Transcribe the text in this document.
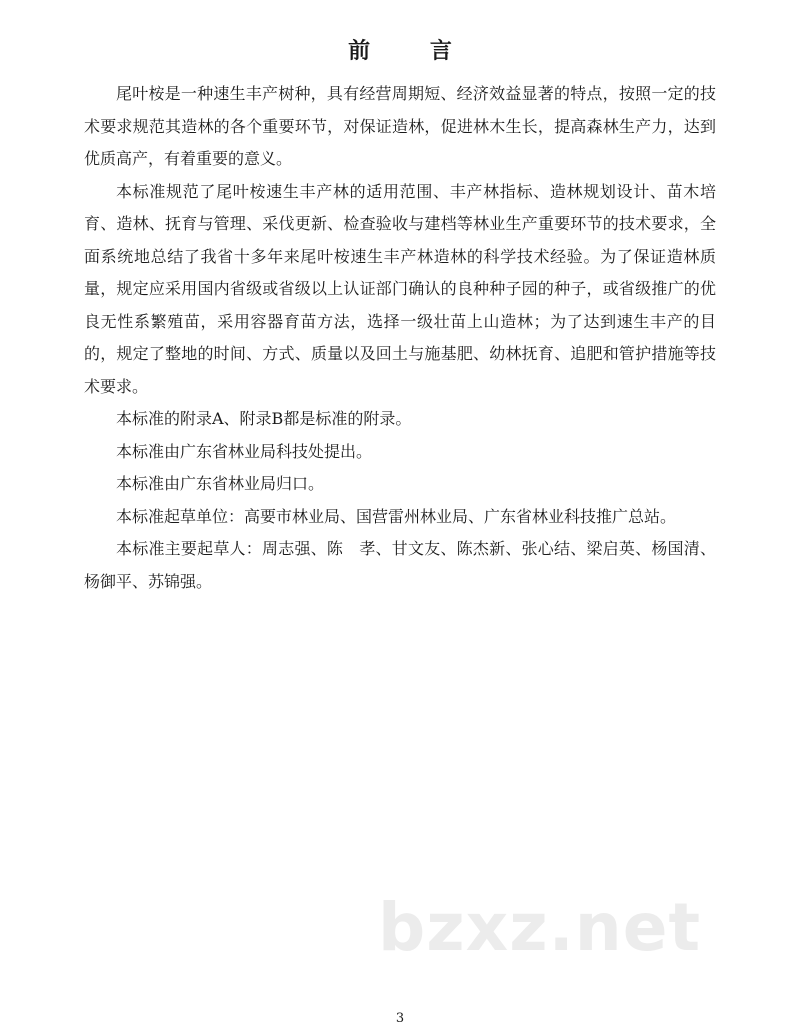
前 言

尾叶桉是一种速生丰产树种，具有经营周期短、经济效益显著的特点，按照一定的技术要求规范其造林的各个重要环节，对保证造林，促进林木生长，提高森林生产力，达到优质高产，有着重要的意义。

本标准规范了尾叶桉速生丰产林的适用范围、丰产林指标、造林规划设计、苗木培育、造林、抚育与管理、采伐更新、检查验收与建档等林业生产重要环节的技术要求，全面系统地总结了我省十多年来尾叶桉速生丰产林造林的科学技术经验。为了保证造林质量，规定应采用国内省级或省级以上认证部门确认的良种种子园的种子，或省级推广的优良无性系繁殖苗，采用容器育苗方法，选择一级壮苗上山造林；为了达到速生丰产的目的，规定了整地的时间、方式、质量以及回土与施基肥、幼林抚育、追肥和管护措施等技术要求。

本标准的附录A、附录B都是标准的附录。

本标准由广东省林业局科技处提出。

本标准由广东省林业局归口。

本标准起草单位：高要市林业局、国营雷州林业局、广东省林业科技推广总站。

本标准主要起草人：周志强、陈　孝、甘文友、陈杰新、张心结、梁启英、杨国清、杨御平、苏锦强。

bzxz.net
3
